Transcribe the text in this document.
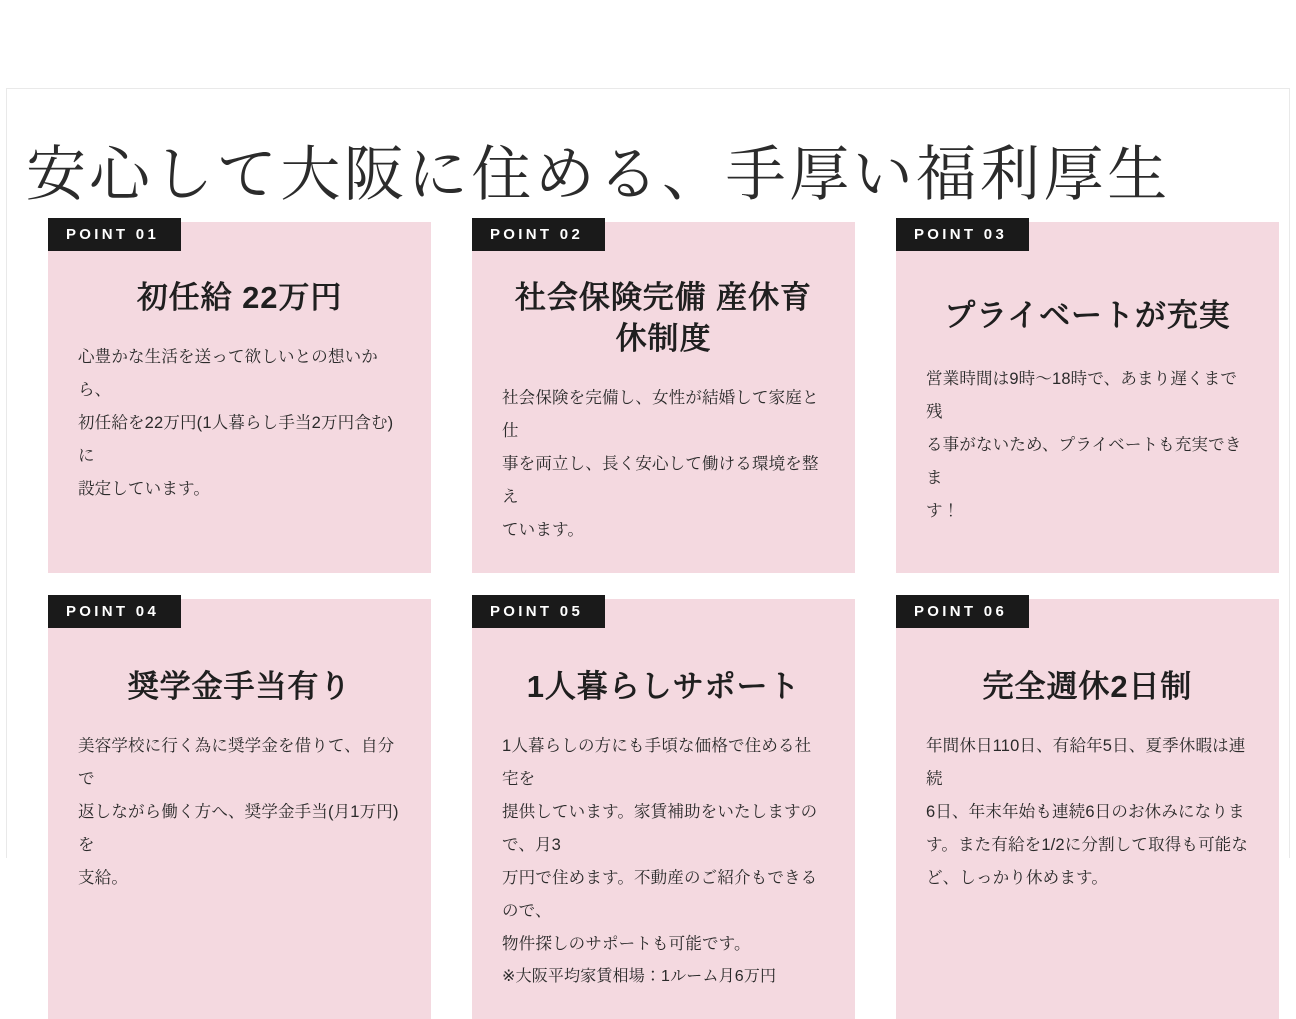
安心して大阪に住める、手厚い福利厚生
POINT 01
初任給 22万円
心豊かな生活を送って欲しいとの想いから、
初任給を22万円(1人暮らし手当2万円含む)に
設定しています。
POINT 02
社会保険完備 産休育休制度
社会保険を完備し、女性が結婚して家庭と仕
事を両立し、長く安心して働ける環境を整え
ています。
POINT 03
プライベートが充実
営業時間は9時〜18時で、あまり遅くまで残
る事がないため、プライベートも充実できま
す！
POINT 04
奨学金手当有り
美容学校に行く為に奨学金を借りて、自分で
返しながら働く方へ、奨学金手当(月1万円)を
支給。
POINT 05
1人暮らしサポート
1人暮らしの方にも手頃な価格で住める社宅を
提供しています。家賃補助をいたしますので、月3
万円で住めます。不動産のご紹介もできるので、
物件探しのサポートも可能です。
※大阪平均家賃相場：1ルーム月6万円
POINT 06
完全週休2日制
年間休日110日、有給年5日、夏季休暇は連続
6日、年末年始も連続6日のお休みになりま
す。また有給を1/2に分割して取得も可能な
ど、しっかり休めます。
